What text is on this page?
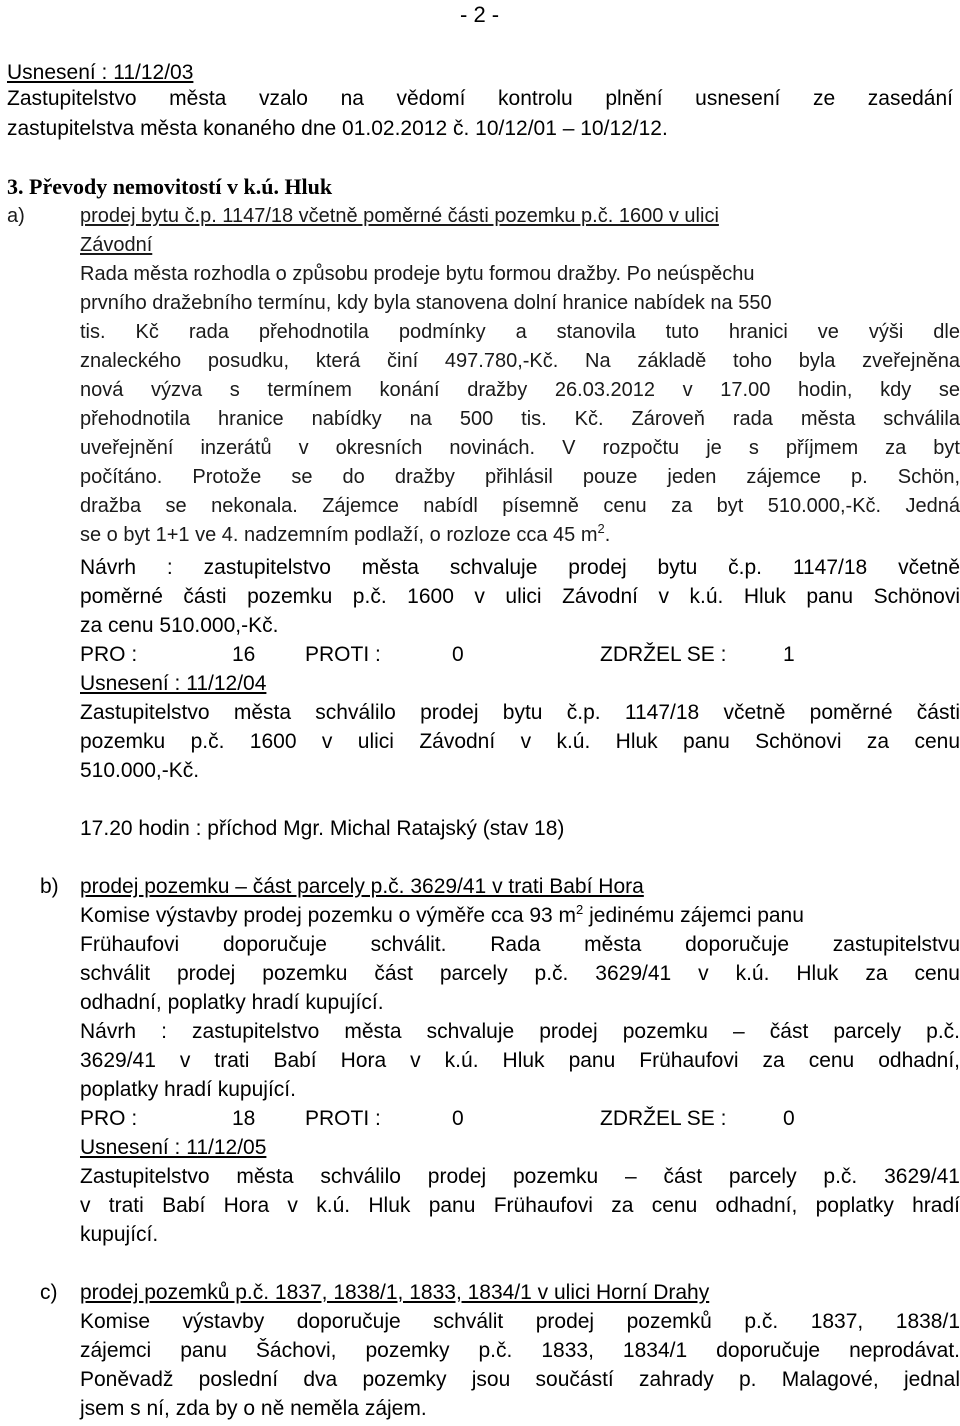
- 2 -
Usnesení : 11/12/03
Zastupitelstvo města vzalo na vědomí kontrolu plnění usnesení ze zasedání
zastupitelstva města konaného dne 01.02.2012 č. 10/12/01 – 10/12/12.
3. Převody nemovitostí v k.ú. Hluk
a)	prodej bytu č.p. 1147/18 včetně poměrné části pozemku p.č. 1600 v ulici
Závodní
Rada města rozhodla o způsobu prodeje bytu formou dražby. Po neúspěchu
prvního dražebního termínu, kdy byla stanovena dolní hranice nabídek na 550
tis. Kč rada přehodnotila podmínky a stanovila tuto hranici ve výši dle
znaleckého posudku, která činí 497.780,-Kč. Na základě toho byla zveřejněna
nová výzva s termínem konání dražby 26.03.2012 v 17.00 hodin, kdy se
přehodnotila hranice nabídky na 500 tis. Kč. Zároveň rada města schválila
uveřejnění inzerátů v okresních novinách. V rozpočtu je s příjmem za byt
počítáno. Protože se do dražby přihlásil pouze jeden zájemce p. Schön,
dražba se nekonala. Zájemce nabídl písemně cenu za byt 510.000,-Kč. Jedná
se o byt 1+1 ve 4. nadzemním podlaží, o rozloze cca 45 $m^2$.
Návrh : zastupitelstvo města schvaluje prodej bytu č.p. 1147/18 včetně
poměrné části pozemku p.č. 1600 v ulici Závodní v k.ú. Hluk panu Schönovi
za cenu 510.000,-Kč.
PRO :	16 PROTI :	0	ZDRŽEL SE :	1
Usnesení : 11/12/04
Zastupitelstvo města schválilo prodej bytu č.p. 1147/18 včetně poměrné části
pozemku p.č. 1600 v ulici Závodní v k.ú. Hluk panu Schönovi za cenu
510.000,-Kč.
17.20 hodin : příchod Mgr. Michal Ratajský (stav 18)
b) prodej pozemku – část parcely p.č. 3629/41 v trati Babí Hora
Komise výstavby prodej pozemku o výměře cca 93 $m^2$ jedinému zájemci panu
Frühaufovi doporučuje schválit. Rada města doporučuje zastupitelstvu
schválit prodej pozemku část parcely p.č. 3629/41 v k.ú. Hluk za cenu
odhadní, poplatky hradí kupující.
Návrh : zastupitelstvo města schvaluje prodej pozemku – část parcely p.č.
3629/41 v trati Babí Hora v k.ú. Hluk panu Frühaufovi za cenu odhadní,
poplatky hradí kupující.
PRO :	18 PROTI :	0	ZDRŽEL SE :	0
Usnesení : 11/12/05
Zastupitelstvo města schválilo prodej pozemku – část parcely p.č. 3629/41
v trati Babí Hora v k.ú. Hluk panu Frühaufovi za cenu odhadní, poplatky hradí
kupující.
c) prodej pozemků p.č. 1837, 1838/1, 1833, 1834/1 v ulici Horní Drahy
Komise výstavby doporučuje schválit prodej pozemků p.č. 1837, 1838/1
zájemci panu Šáchovi, pozemky p.č. 1833, 1834/1 doporučuje neprodávat.
Poněvadž poslední dva pozemky jsou součástí zahrady p. Malagové, jednal
jsem s ní, zda by o ně neměla zájem.
